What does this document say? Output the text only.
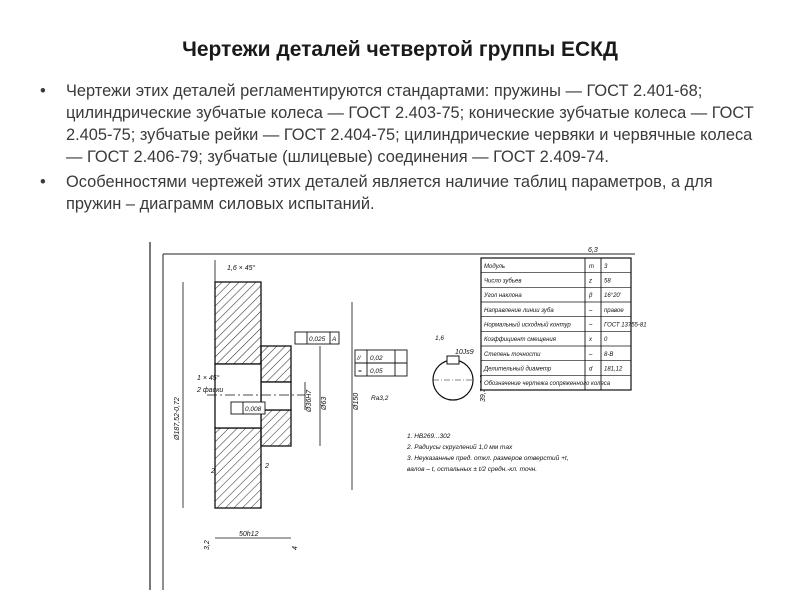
Чертежи деталей четвертой группы ЕСКД
• Чертежи этих деталей регламентируются стандартами: пружины — ГОСТ 2.401-68; цилиндрические зубчатые колеса — ГОСТ 2.403-75; конические зубчатые колеса — ГОСТ 2.405-75; зубчатые рейки — ГОСТ 2.404-75; цилиндрические червяки и червячные колеса — ГОСТ 2.406-79; зубчатые (шлицевые) соединения — ГОСТ 2.409-74.
• Особенностями чертежей этих деталей является наличие таблиц параметров, а для пружин – диаграмм силовых испытаний.
1,6 × 45°
1 × 45°
2 фаски
Ø187,52-0,72	Ø36Н7 Ø63	Ø150
0,025 А
0,008
2
2
50h12
3,2	4
// 0,02
= 0,05
1,6
Ra3,2
10Js9
6,3
Модуль	m 3
Число зубьев	z 58
Угол наклона	β 16°20'
Направление линии зуба	– правое
Нормальный исходный контур	– ГОСТ 13755-81
Коэффициент смещения	x 0
Степень точности	– 8-В
Делительный диаметр	d 181,12
Обозначение чертежа сопряженного колеса
1. НВ269...302
2. Радиусы скруглений 1,0 мм max
3. Неуказанные пред. откл. размеров отверстий +t,
валов – t, остальных ± t/2 средн.-кл. точн.
